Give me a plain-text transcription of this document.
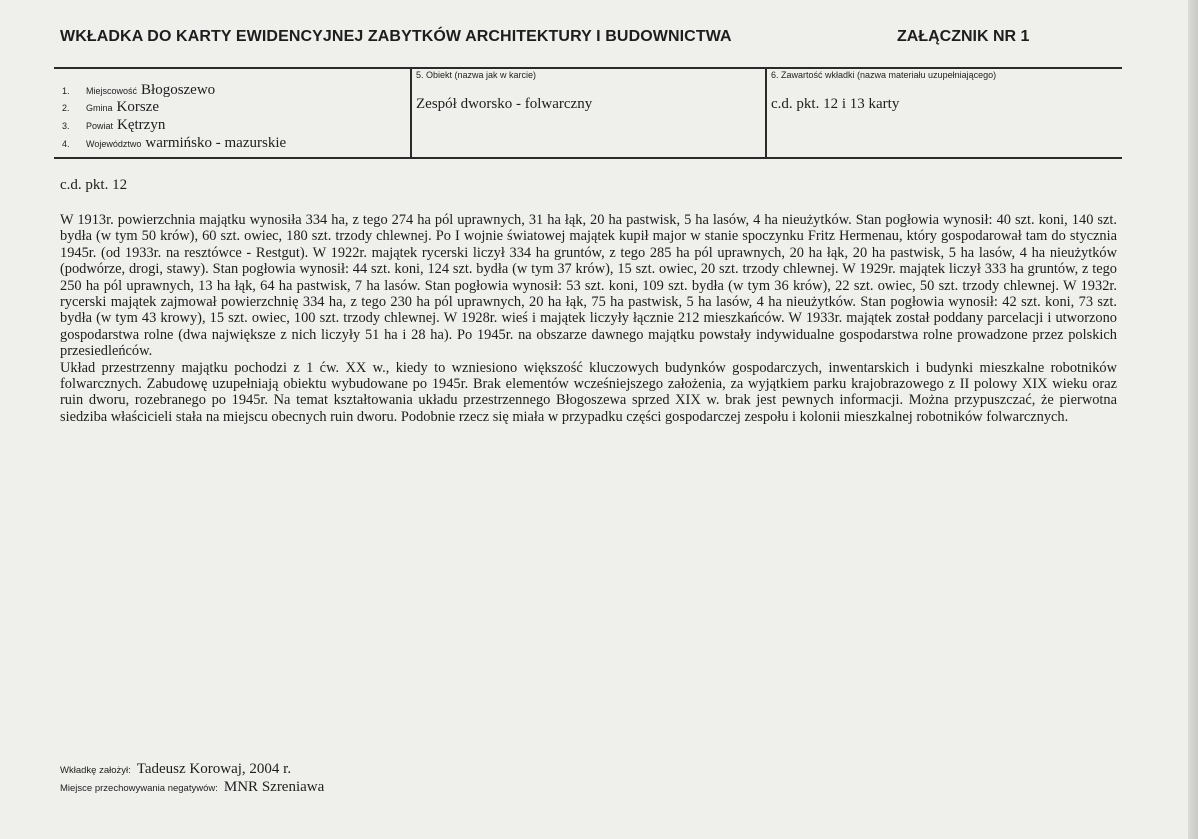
WKŁADKA DO KARTY EWIDENCYJNEJ ZABYTKÓW ARCHITEKTURY I BUDOWNICTWA	ZAŁĄCZNIK NR 1
1. Miejscowość Błogoszewo
2. Gmina Korsze
3. Powiat Kętrzyn
4. Województwo warmińsko - mazurskie
5. Obiekt (nazwa jak w karcie)
Zespół dworsko - folwarczny
6. Zawartość wkładki (nazwa materiału uzupełniającego)
c.d. pkt. 12 i 13 karty
c.d. pkt. 12

W 1913r. powierzchnia majątku wynosiła 334 ha, z tego 274 ha pól uprawnych, 31 ha łąk, 20 ha pastwisk, 5 ha lasów, 4 ha nieużytków. Stan pogłowia wynosił: 40 szt. koni, 140 szt. bydła (w tym 50 krów), 60 szt. owiec, 180 szt. trzody chlewnej. Po I wojnie światowej majątek kupił major w stanie spoczynku Fritz Hermenau, który gospodarował tam do stycznia 1945r. (od 1933r. na resztówce - Restgut). W 1922r. majątek rycerski liczył 334 ha gruntów, z tego 285 ha pól uprawnych, 20 ha łąk, 20 ha pastwisk, 5 ha lasów, 4 ha nieużytków (podwórze, drogi, stawy). Stan pogłowia wynosił: 44 szt. koni, 124 szt. bydła (w tym 37 krów), 15 szt. owiec, 20 szt. trzody chlewnej. W 1929r. majątek liczył 333 ha gruntów, z tego 250 ha pól uprawnych, 13 ha łąk, 64 ha pastwisk, 7 ha lasów. Stan pogłowia wynosił: 53 szt. koni, 109 szt. bydła (w tym 36 krów), 22 szt. owiec, 50 szt. trzody chlewnej. W 1932r. rycerski majątek zajmował powierzchnię 334 ha, z tego 230 ha pól uprawnych, 20 ha łąk, 75 ha pastwisk, 5 ha lasów, 4 ha nieużytków. Stan pogłowia wynosił: 42 szt. koni, 73 szt. bydła (w tym 43 krowy), 15 szt. owiec, 100 szt. trzody chlewnej. W 1928r. wieś i majątek liczyły łącznie 212 mieszkańców. W 1933r. majątek został poddany parcelacji i utworzono gospodarstwa rolne (dwa największe z nich liczyły 51 ha i 28 ha). Po 1945r. na obszarze dawnego majątku powstały indywidualne gospodarstwa rolne prowadzone przez polskich przesiedleńców.

Układ przestrzenny majątku pochodzi z 1 ćw. XX w., kiedy to wzniesiono większość kluczowych budynków gospodarczych, inwentarskich i budynki mieszkalne robotników folwarcznych. Zabudowę uzupełniają obiektu wybudowane po 1945r. Brak elementów wcześniejszego założenia, za wyjątkiem parku krajobrazowego z II polowy XIX wieku oraz ruin dworu, rozebranego po 1945r. Na temat kształtowania układu przestrzennego Błogoszewa sprzed XIX w. brak jest pewnych informacji. Można przypuszczać, że pierwotna siedziba właścicieli stała na miejscu obecnych ruin dworu. Podobnie rzecz się miała w przypadku części gospodarczej zespołu i kolonii mieszkalnej robotników folwarcznych.

Wkładkę założył: Tadeusz Korowaj, 2004 r.
Miejsce przechowywania negatywów: MNR Szreniawa
